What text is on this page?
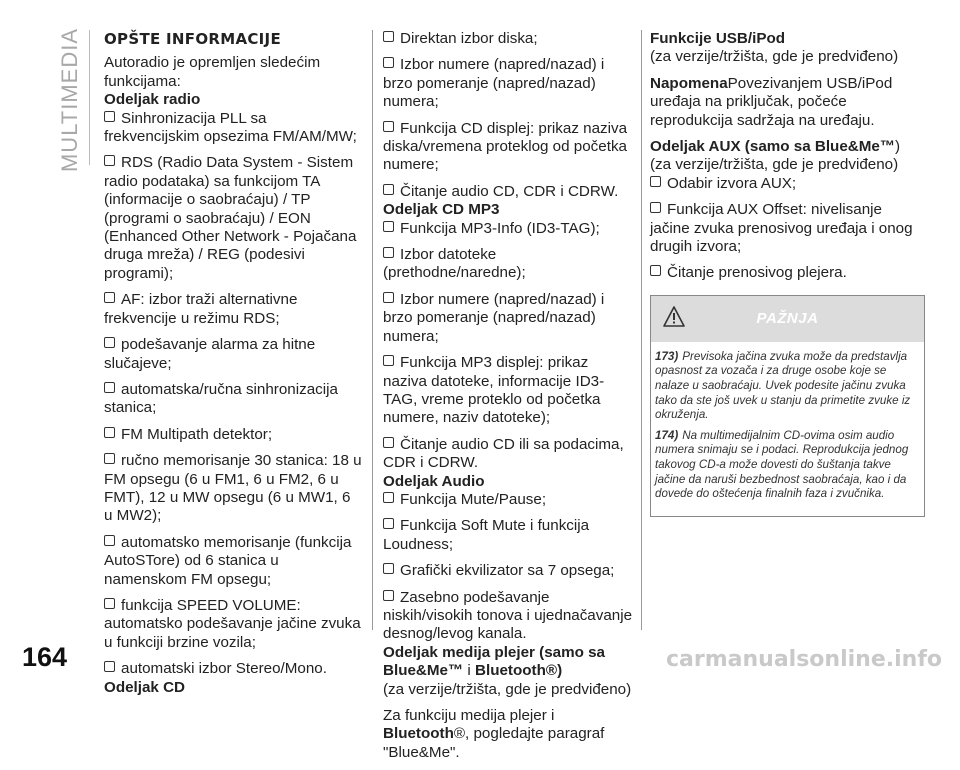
MULTIMEDIA OPŠTE INFORMACIJE

Autoradio je opremljen sledećim funkcijama:

Odeljak radio

Sinhronizacija PLL sa frekvencijskim opsezima FM/AM/MW;
RDS (Radio Data System - Sistem radio podataka) sa funkcijom TA (informacije o saobraćaju) / TP (programi o saobraćaju) / EON (Enhanced Other Network - Pojačana druga mreža) / REG (podesivi programi);
AF: izbor traži alternativne frekvencije u režimu RDS;
podešavanje alarma za hitne slučajeve;
automatska/ručna sinhronizacija stanica;
FM Multipath detektor;
ručno memorisanje 30 stanica: 18 u FM opsegu (6 u FM1, 6 u FM2, 6 u FMT), 12 u MW opsegu (6 u MW1, 6 u MW2);
automatsko memorisanje (funkcija AutoSTore) od 6 stanica u namenskom FM opsegu;
funkcija SPEED VOLUME: automatsko podešavanje jačine zvuka u funkciji brzine vozila;
automatski izbor Stereo/Mono.

Odeljak CD

Direktan izbor diska;
Izbor numere (napred/nazad) i brzo pomeranje (napred/nazad) numera;
Funkcija CD displej: prikaz naziva diska/vremena proteklog od početka numere;
Čitanje audio CD, CDR i CDRW.

Odeljak CD MP3

Funkcija MP3-Info (ID3-TAG);
Izbor datoteke (prethodne/naredne);
Izbor numere (napred/nazad) i brzo pomeranje (napred/nazad) numera;
Funkcija MP3 displej: prikaz naziva datoteke, informacije ID3-TAG, vreme proteklo od početka numere, naziv datoteke);
Čitanje audio CD ili sa podacima, CDR i CDRW.

Odeljak Audio

Funkcija Mute/Pause;
Funkcija Soft Mute i funkcija Loudness;
Grafički ekvilizator sa 7 opsega;
Zasebno podešavanje niskih/visokih tonova i ujednačavanje desnog/levog kanala.

Odeljak medija plejer (samo sa Blue&Me™ i Bluetooth®)

(za verzije/tržišta, gde je predviđeno)

Za funkciju medija plejer i Bluetooth®, pogledajte paragraf "Blue&Me".

Funkcije USB/iPod

(za verzije/tržišta, gde je predviđeno)

NapomenaPovezivanjem USB/iPod uređaja na priključak, počeće reprodukcija sadržaja na uređaju.

Odeljak AUX (samo sa Blue&Me™)

(za verzije/tržišta, gde je predviđeno)

Odabir izvora AUX;
Funkcija AUX Offset: nivelisanje jačine zvuka prenosivog uređaja i onog drugih izvora;
Čitanje prenosivog plejera.
PAŽNJA

173) Previsoka jačina zvuka može da predstavlja opasnost za vozača i za druge osobe koje se nalaze u saobraćaju. Uvek podesite jačinu zvuka tako da ste još uvek u stanju da primetite zvuke iz okruženja.

174) Na multimedijalnim CD-ovima osim audio numera snimaju se i podaci. Reprodukcija jednog takovog CD-a može dovesti do šuštanja takve jačine da naruši bezbednost saobraćaja, kao i da dovede do oštećenja finalnih faza i zvučnika.

164	carmanualsonline.info
